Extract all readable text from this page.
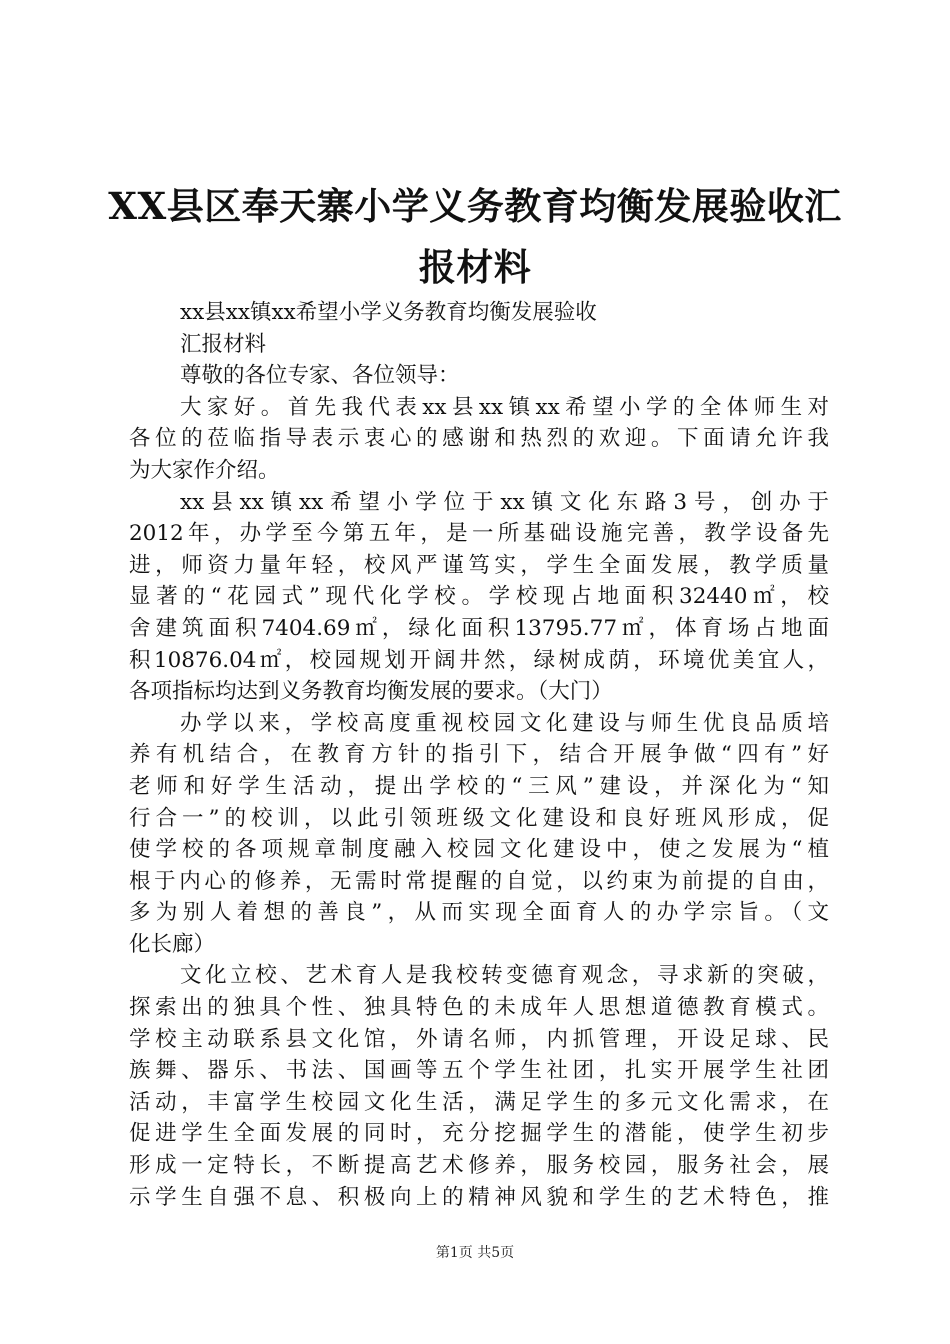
XX县区奉天寨小学义务教育均衡发展验收汇
报材料
xx县xx镇xx希望小学义务教育均衡发展验收
汇报材料
尊敬的各位专家、各位领导：
大家好。首先我代表xx县xx镇xx希望小学的全体师生对
各位的莅临指导表示衷心的感谢和热烈的欢迎。下面请允许我
为大家作介绍。
xx县xx镇xx希望小学位于xx镇文化东路3号，创办于
2012年，办学至今第五年，是一所基础设施完善，教学设备先
进，师资力量年轻，校风严谨笃实，学生全面发展，教学质量
显著的“花园式”现代化学校。学校现占地面积32440㎡，校
舍建筑面积7404.69㎡，绿化面积13795.77㎡，体育场占地面
积10876.04㎡，校园规划开阔井然，绿树成荫，环境优美宜人，
各项指标均达到义务教育均衡发展的要求。（大门）
办学以来，学校高度重视校园文化建设与师生优良品质培
养有机结合，在教育方针的指引下，结合开展争做“四有”好
老师和好学生活动，提出学校的“三风”建设，并深化为“知
行合一”的校训，以此引领班级文化建设和良好班风形成，促
使学校的各项规章制度融入校园文化建设中，使之发展为“植
根于内心的修养，无需时常提醒的自觉，以约束为前提的自由，
多为别人着想的善良”，从而实现全面育人的办学宗旨。（文
化长廊）
文化立校、艺术育人是我校转变德育观念，寻求新的突破，
探索出的独具个性、独具特色的未成年人思想道德教育模式。
学校主动联系县文化馆，外请名师，内抓管理，开设足球、民
族舞、器乐、书法、国画等五个学生社团，扎实开展学生社团
活动，丰富学生校园文化生活，满足学生的多元文化需求，在
促进学生全面发展的同时，充分挖掘学生的潜能，使学生初步
形成一定特长，不断提高艺术修养，服务校园，服务社会，展
示学生自强不息、积极向上的精神风貌和学生的艺术特色，推
第1页 共5页
